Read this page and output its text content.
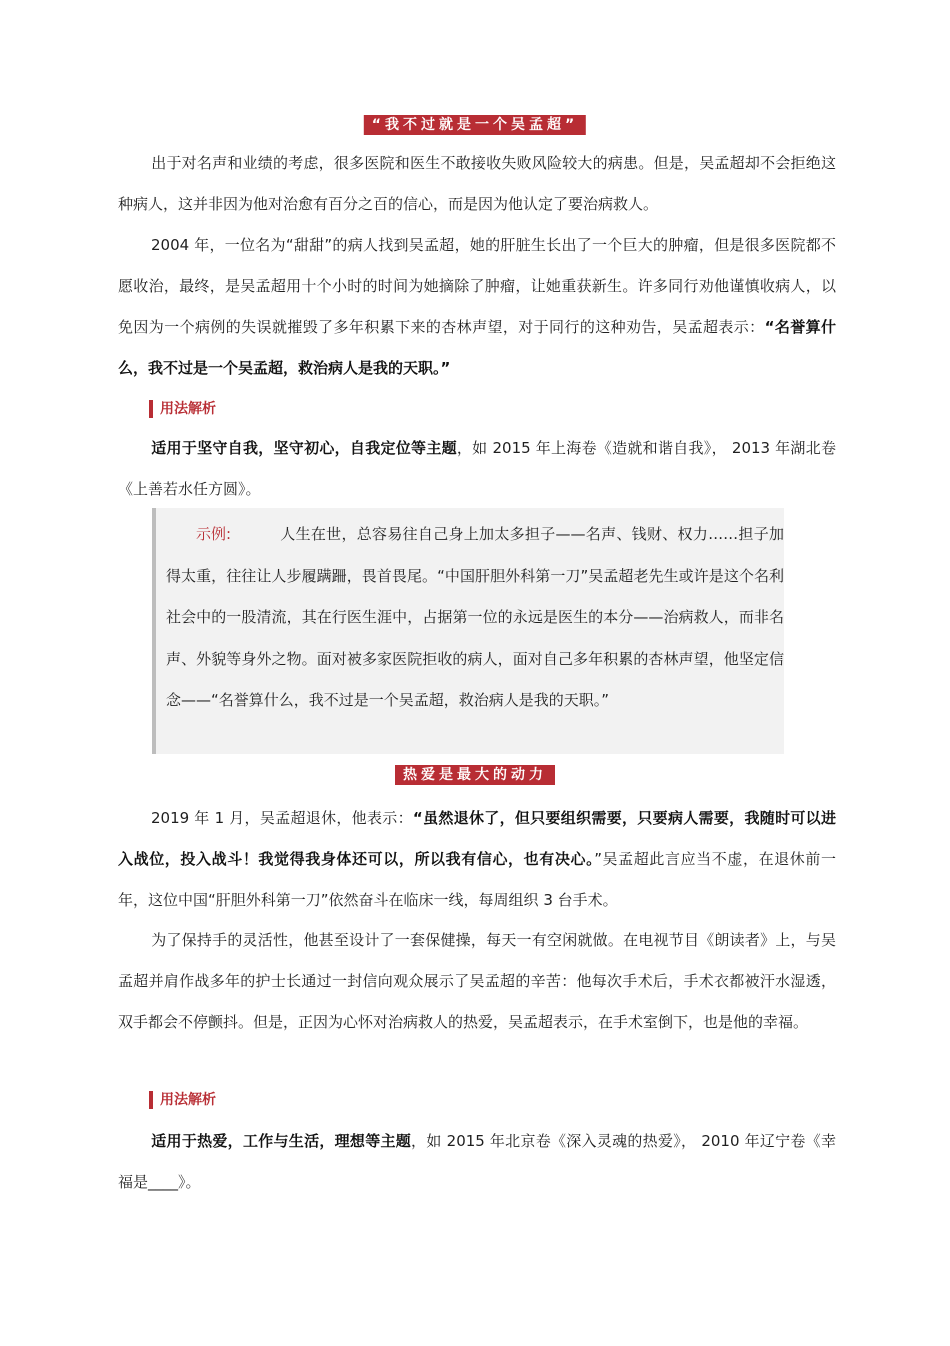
“我不过就是一个吴孟超”

出于对名声和业绩的考虑，很多医院和医生不敢接收失败风险较大的病患。但是，吴孟超却不会拒绝这种病人，这并非因为他对治愈有百分之百的信心，而是因为他认定了要治病救人。

2004 年，一位名为“甜甜”的病人找到吴孟超，她的肝脏生长出了一个巨大的肿瘤，但是很多医院都不愿收治，最终，是吴孟超用十个小时的时间为她摘除了肿瘤，让她重获新生。许多同行劝他谨慎收病人，以免因为一个病例的失误就摧毁了多年积累下来的杏林声望，对于同行的这种劝告，吴孟超表示：“名誉算什么，我不过是一个吴孟超，救治病人是我的天职。”

用法解析

适用于坚守自我，坚守初心，自我定位等主题，如 2015 年上海卷《造就和谐自我》， 2013 年湖北卷《上善若水任方圆》。

示例:	人生在世，总容易往自己身上加太多担子——名声、钱财、权力……担子加得太重，往往让人步履蹒跚，畏首畏尾。“中国肝胆外科第一刀”吴孟超老先生或许是这个名利社会中的一股清流，其在行医生涯中，占据第一位的永远是医生的本分——治病救人，而非名声、外貌等身外之物。面对被多家医院拒收的病人，面对自己多年积累的杏林声望，他坚定信念——“名誉算什么，我不过是一个吴孟超，救治病人是我的天职。”

热爱是最大的动力

2019 年 1 月，吴孟超退休，他表示：“虽然退休了，但只要组织需要，只要病人需要，我随时可以进入战位，投入战斗！我觉得我身体还可以，所以我有信心，也有决心。”吴孟超此言应当不虚，在退休前一年，这位中国“肝胆外科第一刀”依然奋斗在临床一线，每周组织 3 台手术。

为了保持手的灵活性，他甚至设计了一套保健操，每天一有空闲就做。在电视节目《朗读者》上，与吴孟超并肩作战多年的护士长通过一封信向观众展示了吴孟超的辛苦：他每次手术后，手术衣都被汗水湿透，双手都会不停颤抖。但是，正因为心怀对治病救人的热爱，吴孟超表示，在手术室倒下，也是他的幸福。

用法解析

适用于热爱，工作与生活，理想等主题，如 2015 年北京卷《深入灵魂的热爱》， 2010 年辽宁卷《幸福是____》。
